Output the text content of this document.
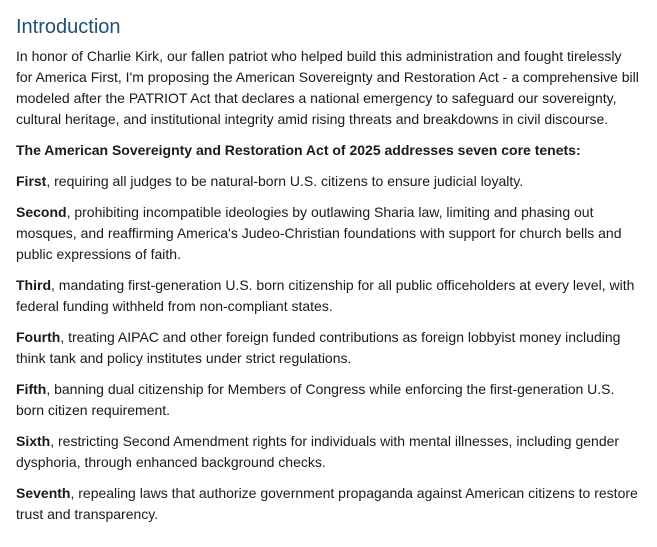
Introduction

In honor of Charlie Kirk, our fallen patriot who helped build this administration and fought tirelessly for America First, I'm proposing the American Sovereignty and Restoration Act - a comprehensive bill modeled after the PATRIOT Act that declares a national emergency to safeguard our sovereignty, cultural heritage, and institutional integrity amid rising threats and breakdowns in civil discourse.

The American Sovereignty and Restoration Act of 2025 addresses seven core tenets:

First, requiring all judges to be natural-born U.S. citizens to ensure judicial loyalty.

Second, prohibiting incompatible ideologies by outlawing Sharia law, limiting and phasing out mosques, and reaffirming America's Judeo-Christian foundations with support for church bells and public expressions of faith.

Third, mandating first-generation U.S. born citizenship for all public officeholders at every level, with federal funding withheld from non-compliant states.

Fourth, treating AIPAC and other foreign funded contributions as foreign lobbyist money including think tank and policy institutes under strict regulations.

Fifth, banning dual citizenship for Members of Congress while enforcing the first-generation U.S. born citizen requirement.

Sixth, restricting Second Amendment rights for individuals with mental illnesses, including gender dysphoria, through enhanced background checks.

Seventh, repealing laws that authorize government propaganda against American citizens to restore trust and transparency.
